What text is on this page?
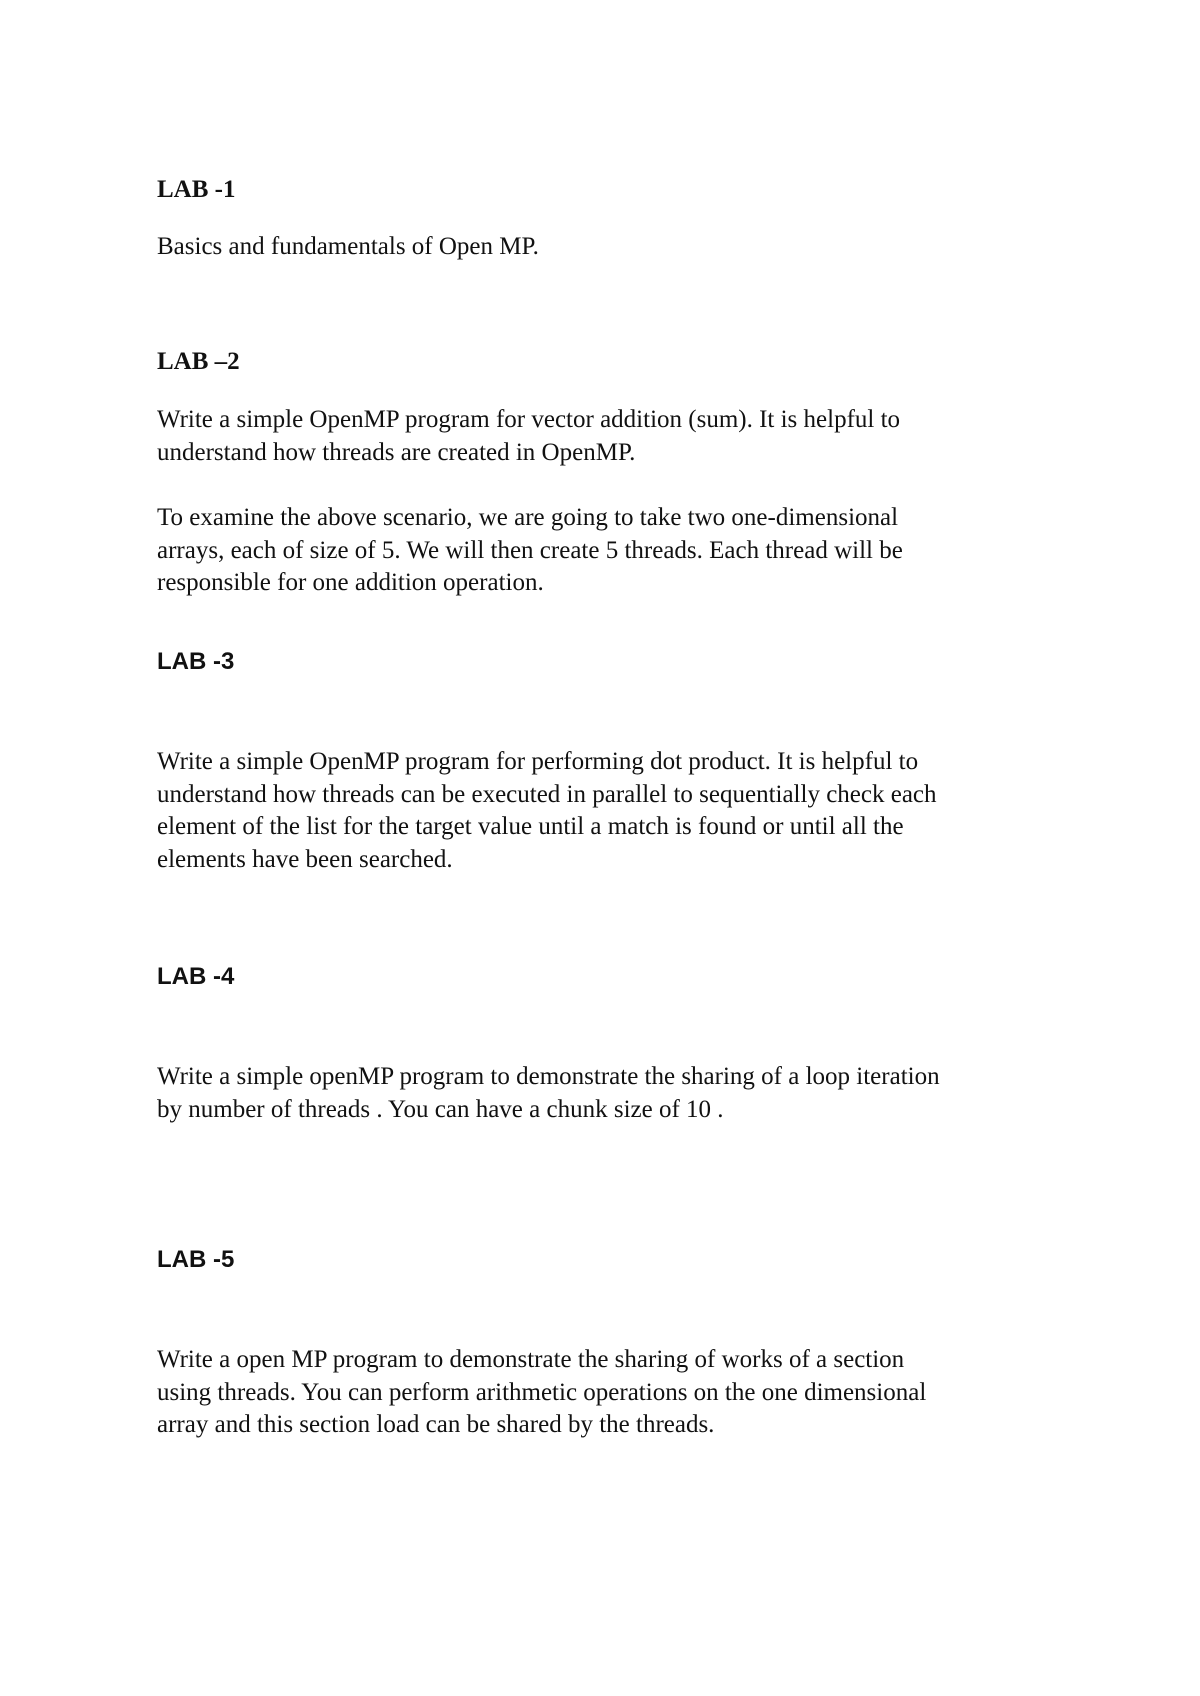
LAB -1

Basics and fundamentals of Open MP.

LAB –2

Write a simple OpenMP program for vector addition (sum). It is helpful to
understand how threads are created in OpenMP.

To examine the above scenario, we are going to take two one-dimensional
arrays, each of size of 5. We will then create 5 threads. Each thread will be
responsible for one addition operation.

LAB -3

Write a simple OpenMP program for performing dot product. It is helpful to
understand how threads can be executed in parallel to sequentially check each
element of the list for the target value until a match is found or until all the
elements have been searched.

LAB -4

Write a simple openMP program to demonstrate the sharing of a loop iteration
by number of threads . You can have a chunk size of 10 .

LAB -5

Write a open MP program to demonstrate the sharing of works of a section
using threads. You can perform arithmetic operations on the one dimensional
array and this section load can be shared by the threads.
